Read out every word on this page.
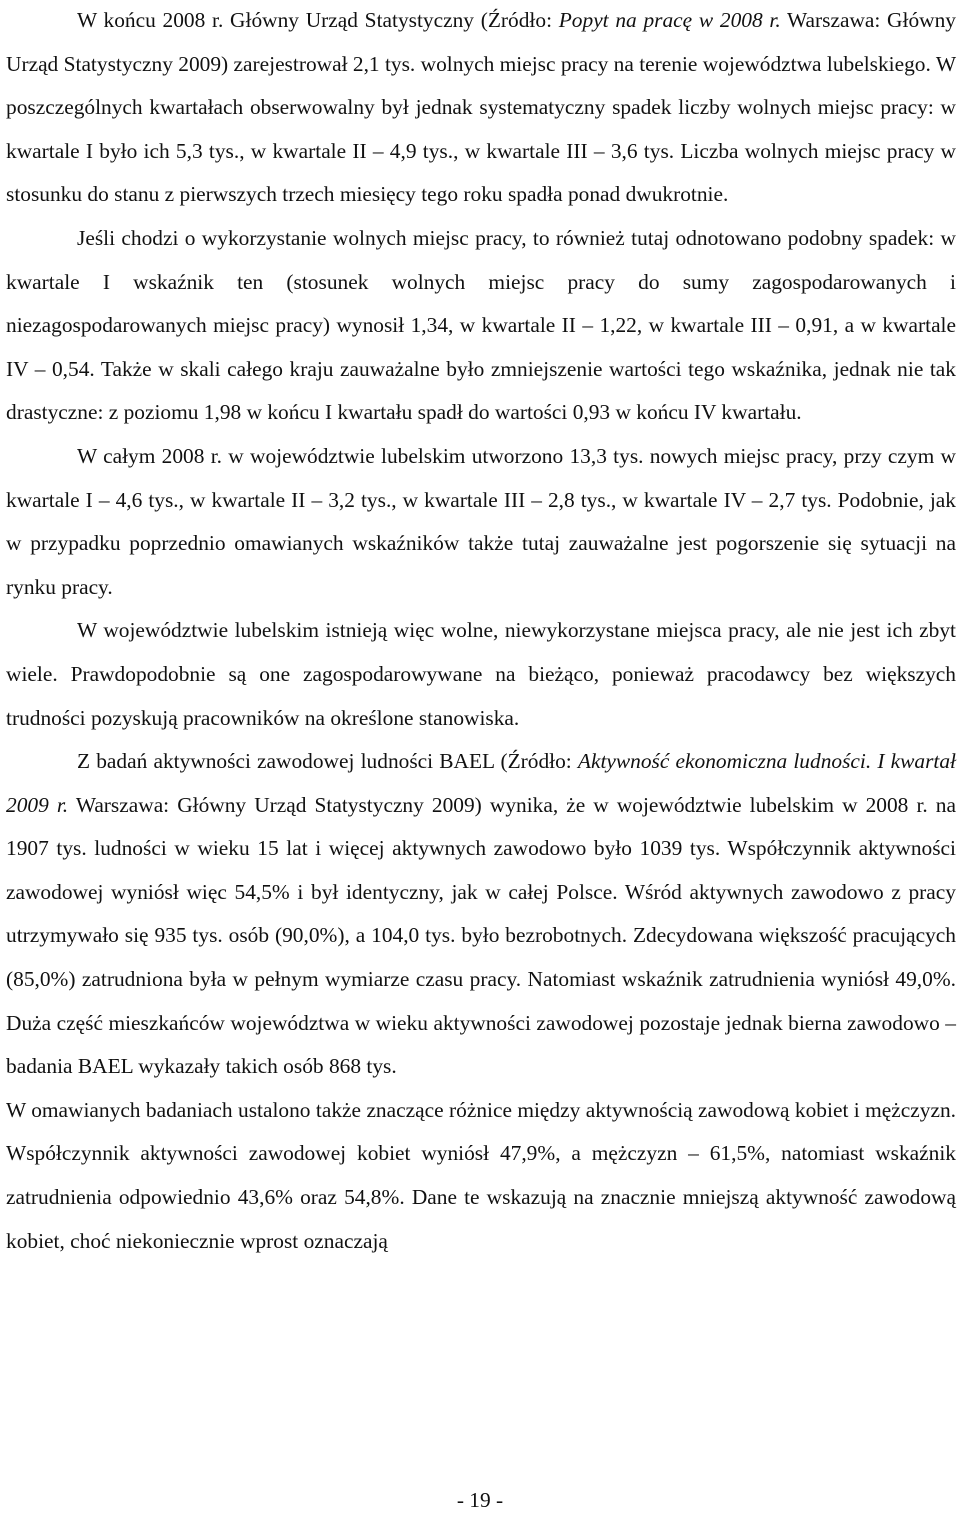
W końcu 2008 r. Główny Urząd Statystyczny (Źródło: Popyt na pracę w 2008 r. Warszawa: Główny Urząd Statystyczny 2009) zarejestrował 2,1 tys. wolnych miejsc pracy na terenie województwa lubelskiego. W poszczególnych kwartałach obserwowalny był jednak systematyczny spadek liczby wolnych miejsc pracy: w kwartale I było ich 5,3 tys., w kwartale II – 4,9 tys., w kwartale III – 3,6 tys. Liczba wolnych miejsc pracy w stosunku do stanu z pierwszych trzech miesięcy tego roku spadła ponad dwukrotnie.

Jeśli chodzi o wykorzystanie wolnych miejsc pracy, to również tutaj odnotowano podobny spadek: w kwartale I wskaźnik ten (stosunek wolnych miejsc pracy do sumy zagospodarowanych i niezagospodarowanych miejsc pracy) wynosił 1,34, w kwartale II – 1,22, w kwartale III – 0,91, a w kwartale IV – 0,54. Także w skali całego kraju zauważalne było zmniejszenie wartości tego wskaźnika, jednak nie tak drastyczne: z poziomu 1,98 w końcu I kwartału spadł do wartości 0,93 w końcu IV kwartału.

W całym 2008 r. w województwie lubelskim utworzono 13,3 tys. nowych miejsc pracy, przy czym w kwartale I – 4,6 tys., w kwartale II – 3,2 tys., w kwartale III – 2,8 tys., w kwartale IV – 2,7 tys. Podobnie, jak w przypadku poprzednio omawianych wskaźników także tutaj zauważalne jest pogorszenie się sytuacji na rynku pracy.

W województwie lubelskim istnieją więc wolne, niewykorzystane miejsca pracy, ale nie jest ich zbyt wiele. Prawdopodobnie są one zagospodarowywane na bieżąco, ponieważ pracodawcy bez większych trudności pozyskują pracowników na określone stanowiska.

Z badań aktywności zawodowej ludności BAEL (Źródło: Aktywność ekonomiczna ludności. I kwartał 2009 r. Warszawa: Główny Urząd Statystyczny 2009) wynika, że w województwie lubelskim w 2008 r. na 1907 tys. ludności w wieku 15 lat i więcej aktywnych zawodowo było 1039 tys. Współczynnik aktywności zawodowej wyniósł więc 54,5% i był identyczny, jak w całej Polsce. Wśród aktywnych zawodowo z pracy utrzymywało się 935 tys. osób (90,0%), a 104,0 tys. było bezrobotnych. Zdecydowana większość pracujących (85,0%) zatrudniona była w pełnym wymiarze czasu pracy. Natomiast wskaźnik zatrudnienia wyniósł 49,0%. Duża część mieszkańców województwa w wieku aktywności zawodowej pozostaje jednak bierna zawodowo – badania BAEL wykazały takich osób 868 tys.

W omawianych badaniach ustalono także znaczące różnice między aktywnością zawodową kobiet i mężczyzn. Współczynnik aktywności zawodowej kobiet wyniósł 47,9%, a mężczyzn – 61,5%, natomiast wskaźnik zatrudnienia odpowiednio 43,6% oraz 54,8%. Dane te wskazują na znacznie mniejszą aktywność zawodową kobiet, choć niekoniecznie wprost oznaczają

- 19 -
